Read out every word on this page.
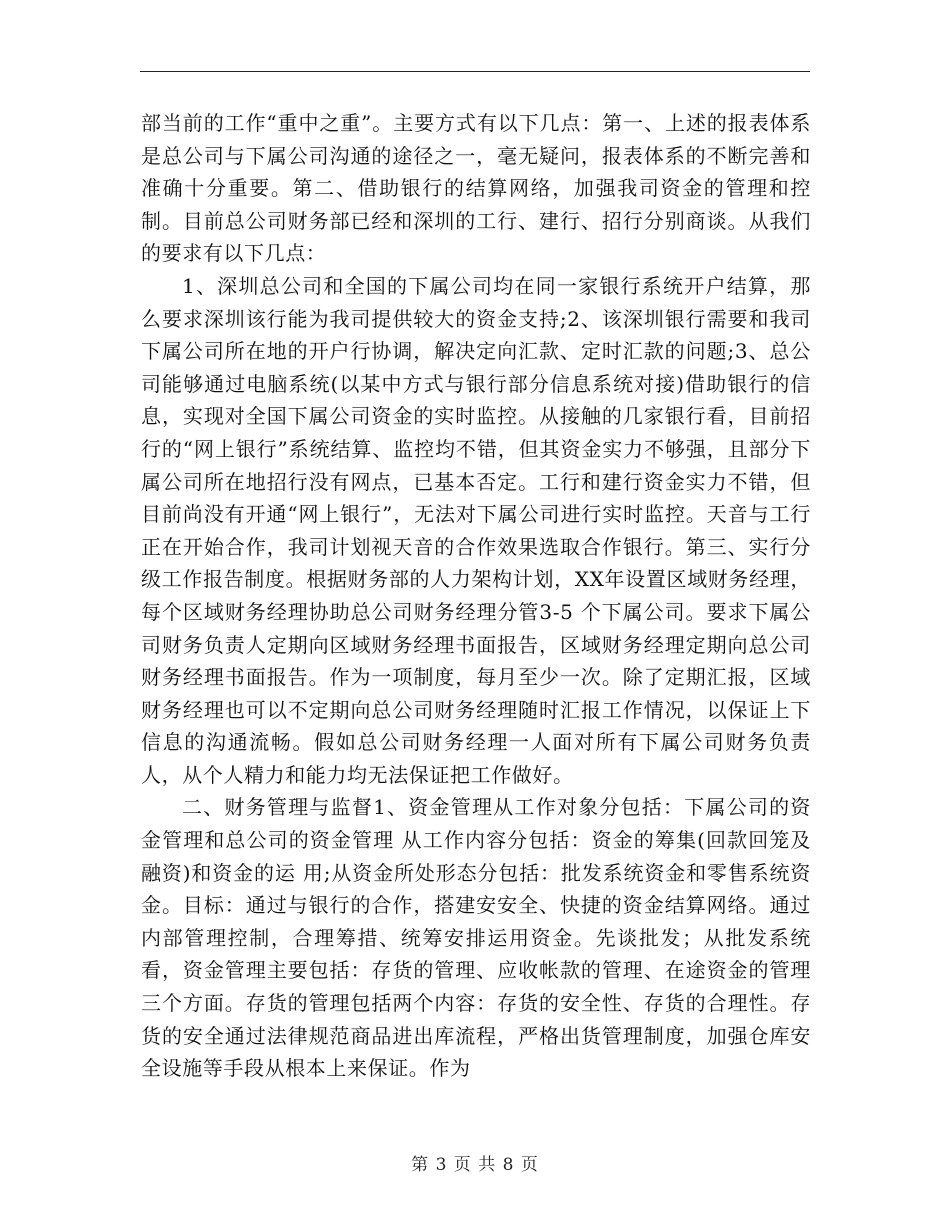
部当前的工作“重中之重”。主要方式有以下几点：第一、上述的报表体系是总公司与下属公司沟通的途径之一，毫无疑问，报表体系的不断完善和准确十分重要。第二、借助银行的结算网络，加强我司资金的管理和控制。目前总公司财务部已经和深圳的工行、建行、招行分别商谈。从我们的要求有以下几点：

1、深圳总公司和全国的下属公司均在同一家银行系统开户结算，那么要求深圳该行能为我司提供较大的资金支持;2、该深圳银行需要和我司下属公司所在地的开户行协调，解决定向汇款、定时汇款的问题;3、总公司能够通过电脑系统(以某中方式与银行部分信息系统对接)借助银行的信息，实现对全国下属公司资金的实时监控。从接触的几家银行看，目前招行的“网上银行”系统结算、监控均不错，但其资金实力不够强，且部分下属公司所在地招行没有网点，已基本否定。工行和建行资金实力不错，但目前尚没有开通“网上银行”，无法对下属公司进行实时监控。天音与工行正在开始合作，我司计划视天音的合作效果选取合作银行。第三、实行分级工作报告制度。根据财务部的人力架构计划，XX年设置区域财务经理，每个区域财务经理协助总公司财务经理分管3-5 个下属公司。要求下属公司财务负责人定期向区域财务经理书面报告，区域财务经理定期向总公司财务经理书面报告。作为一项制度，每月至少一次。除了定期汇报，区域财务经理也可以不定期向总公司财务经理随时汇报工作情况，以保证上下信息的沟通流畅。假如总公司财务经理一人面对所有下属公司财务负责人，从个人精力和能力均无法保证把工作做好。

二、财务管理与监督1、资金管理从工作对象分包括：下属公司的资金管理和总公司的资金管理 从工作内容分包括：资金的筹集(回款回笼及融资)和资金的运 用;从资金所处形态分包括：批发系统资金和零售系统资金。目标：通过与银行的合作，搭建安安全、快捷的资金结算网络。通过内部管理控制，合理筹措、统筹安排运用资金。先谈批发；从批发系统看，资金管理主要包括：存货的管理、应收帐款的管理、在途资金的管理三个方面。存货的管理包括两个内容：存货的安全性、存货的合理性。存货的安全通过法律规范商品进出库流程，严格出货管理制度，加强仓库安全设施等手段从根本上来保证。作为

第 3 页 共 8 页
